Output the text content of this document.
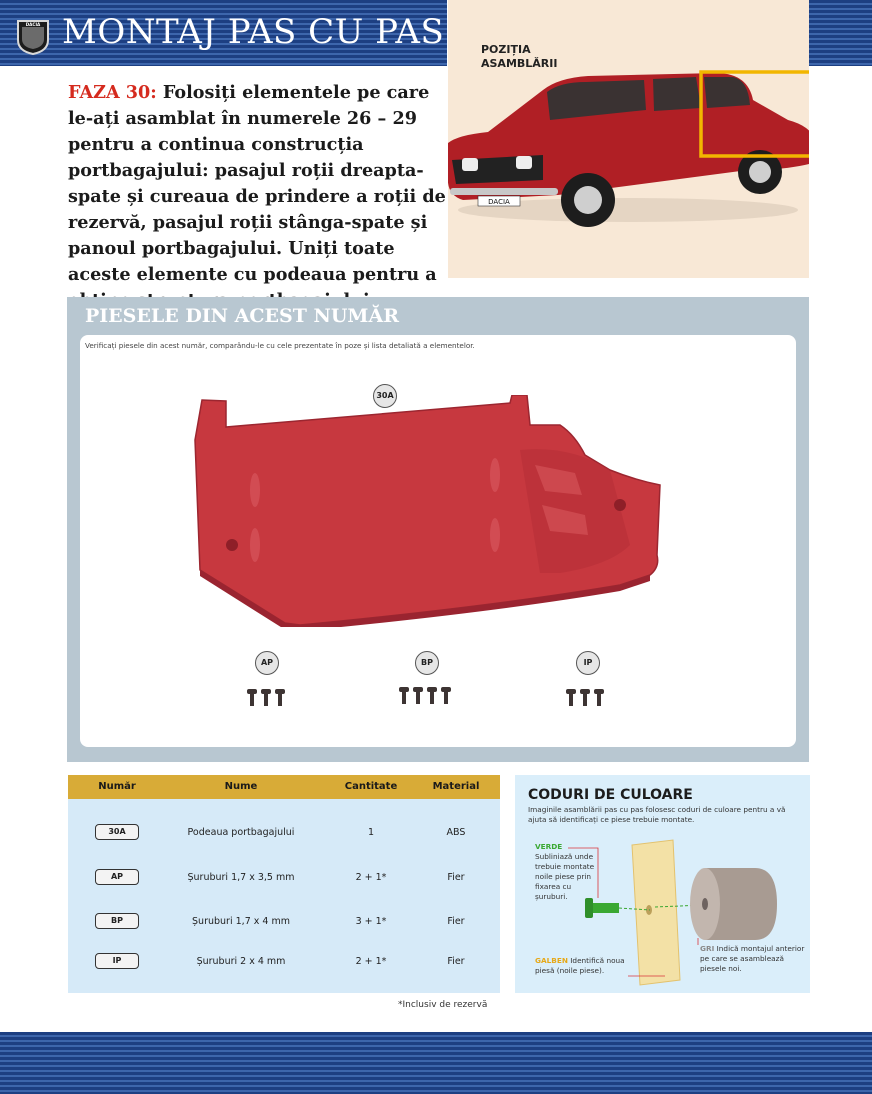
DACIA MONTAJ PAS CU PAS
FAZA 30: Folosiți elementele pe care le-ați asamblat în numerele 26 – 29 pentru a continua construcția portbagajului: pasajul roții dreapta-spate și cureaua de prindere a roții de rezervă, pasajul roții stânga-spate și panoul portbagajului. Uniți toate aceste elemente cu podeaua pentru a
POZIȚIA ASAMBLĂRII
DACIA
PIESELE DIN ACEST NUMĂR
Verificați piesele din acest număr, comparându-le cu cele prezentate în poze și lista detaliată a elementelor.
30A
AP	BP	IP
Număr	Nume	Cantitate	Material
30A	Podeaua portbagajului	1	ABS
AP	Șuruburi 1,7 x 3,5 mm	2 + 1*	Fier
BP	Șuruburi 1,7 x 4 mm	3 + 1*	Fier
IP	Șuruburi 2 x 4 mm	2 + 1*	Fier
*Inclusiv de rezervă
CODURI DE CULOARE
Imaginile asamblării pas cu pas folosesc coduri de culoare pentru a vă ajuta să identificați ce piese trebuie montate.
VERDE
Subliniază unde trebuie montate noile piese prin fixarea cu șuruburi.
GALBEN Identifică noua piesă (noile piese).
GRI Indică montajul anterior pe care se asamblează piesele noi.
